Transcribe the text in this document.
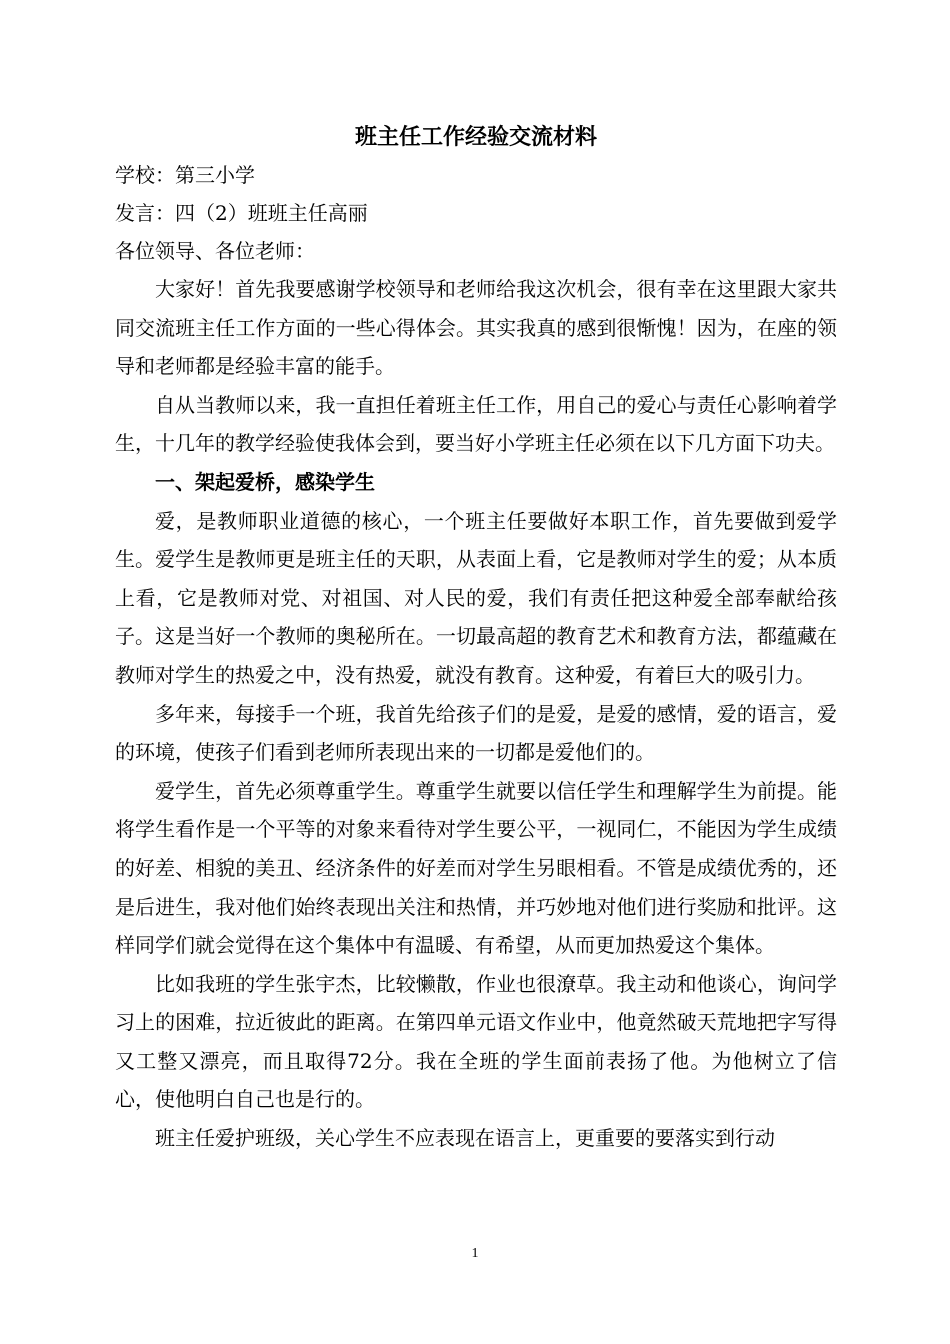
班主任工作经验交流材料

学校：第三小学

发言：四（2）班班主任高丽

各位领导、各位老师：

大家好！首先我要感谢学校领导和老师给我这次机会，很有幸在这里跟大家共同交流班主任工作方面的一些心得体会。其实我真的感到很惭愧！因为，在座的领导和老师都是经验丰富的能手。

自从当教师以来，我一直担任着班主任工作，用自己的爱心与责任心影响着学生，十几年的教学经验使我体会到，要当好小学班主任必须在以下几方面下功夫。

一、架起爱桥，感染学生

爱，是教师职业道德的核心，一个班主任要做好本职工作，首先要做到爱学生。爱学生是教师更是班主任的天职，从表面上看，它是教师对学生的爱；从本质上看，它是教师对党、对祖国、对人民的爱，我们有责任把这种爱全部奉献给孩子。这是当好一个教师的奥秘所在。一切最高超的教育艺术和教育方法，都蕴藏在教师对学生的热爱之中，没有热爱，就没有教育。这种爱，有着巨大的吸引力。

多年来，每接手一个班，我首先给孩子们的是爱，是爱的感情，爱的语言，爱的环境，使孩子们看到老师所表现出来的一切都是爱他们的。

爱学生，首先必须尊重学生。尊重学生就要以信任学生和理解学生为前提。能将学生看作是一个平等的对象来看待对学生要公平，一视同仁，不能因为学生成绩的好差、相貌的美丑、经济条件的好差而对学生另眼相看。不管是成绩优秀的，还是后进生，我对他们始终表现出关注和热情，并巧妙地对他们进行奖励和批评。这样同学们就会觉得在这个集体中有温暖、有希望，从而更加热爱这个集体。

比如我班的学生张宇杰，比较懒散，作业也很潦草。我主动和他谈心，询问学习上的困难，拉近彼此的距离。在第四单元语文作业中，他竟然破天荒地把字写得又工整又漂亮，而且取得72分。我在全班的学生面前表扬了他。为他树立了信心，使他明白自己也是行的。

班主任爱护班级，关心学生不应表现在语言上，更重要的要落实到行动

1
